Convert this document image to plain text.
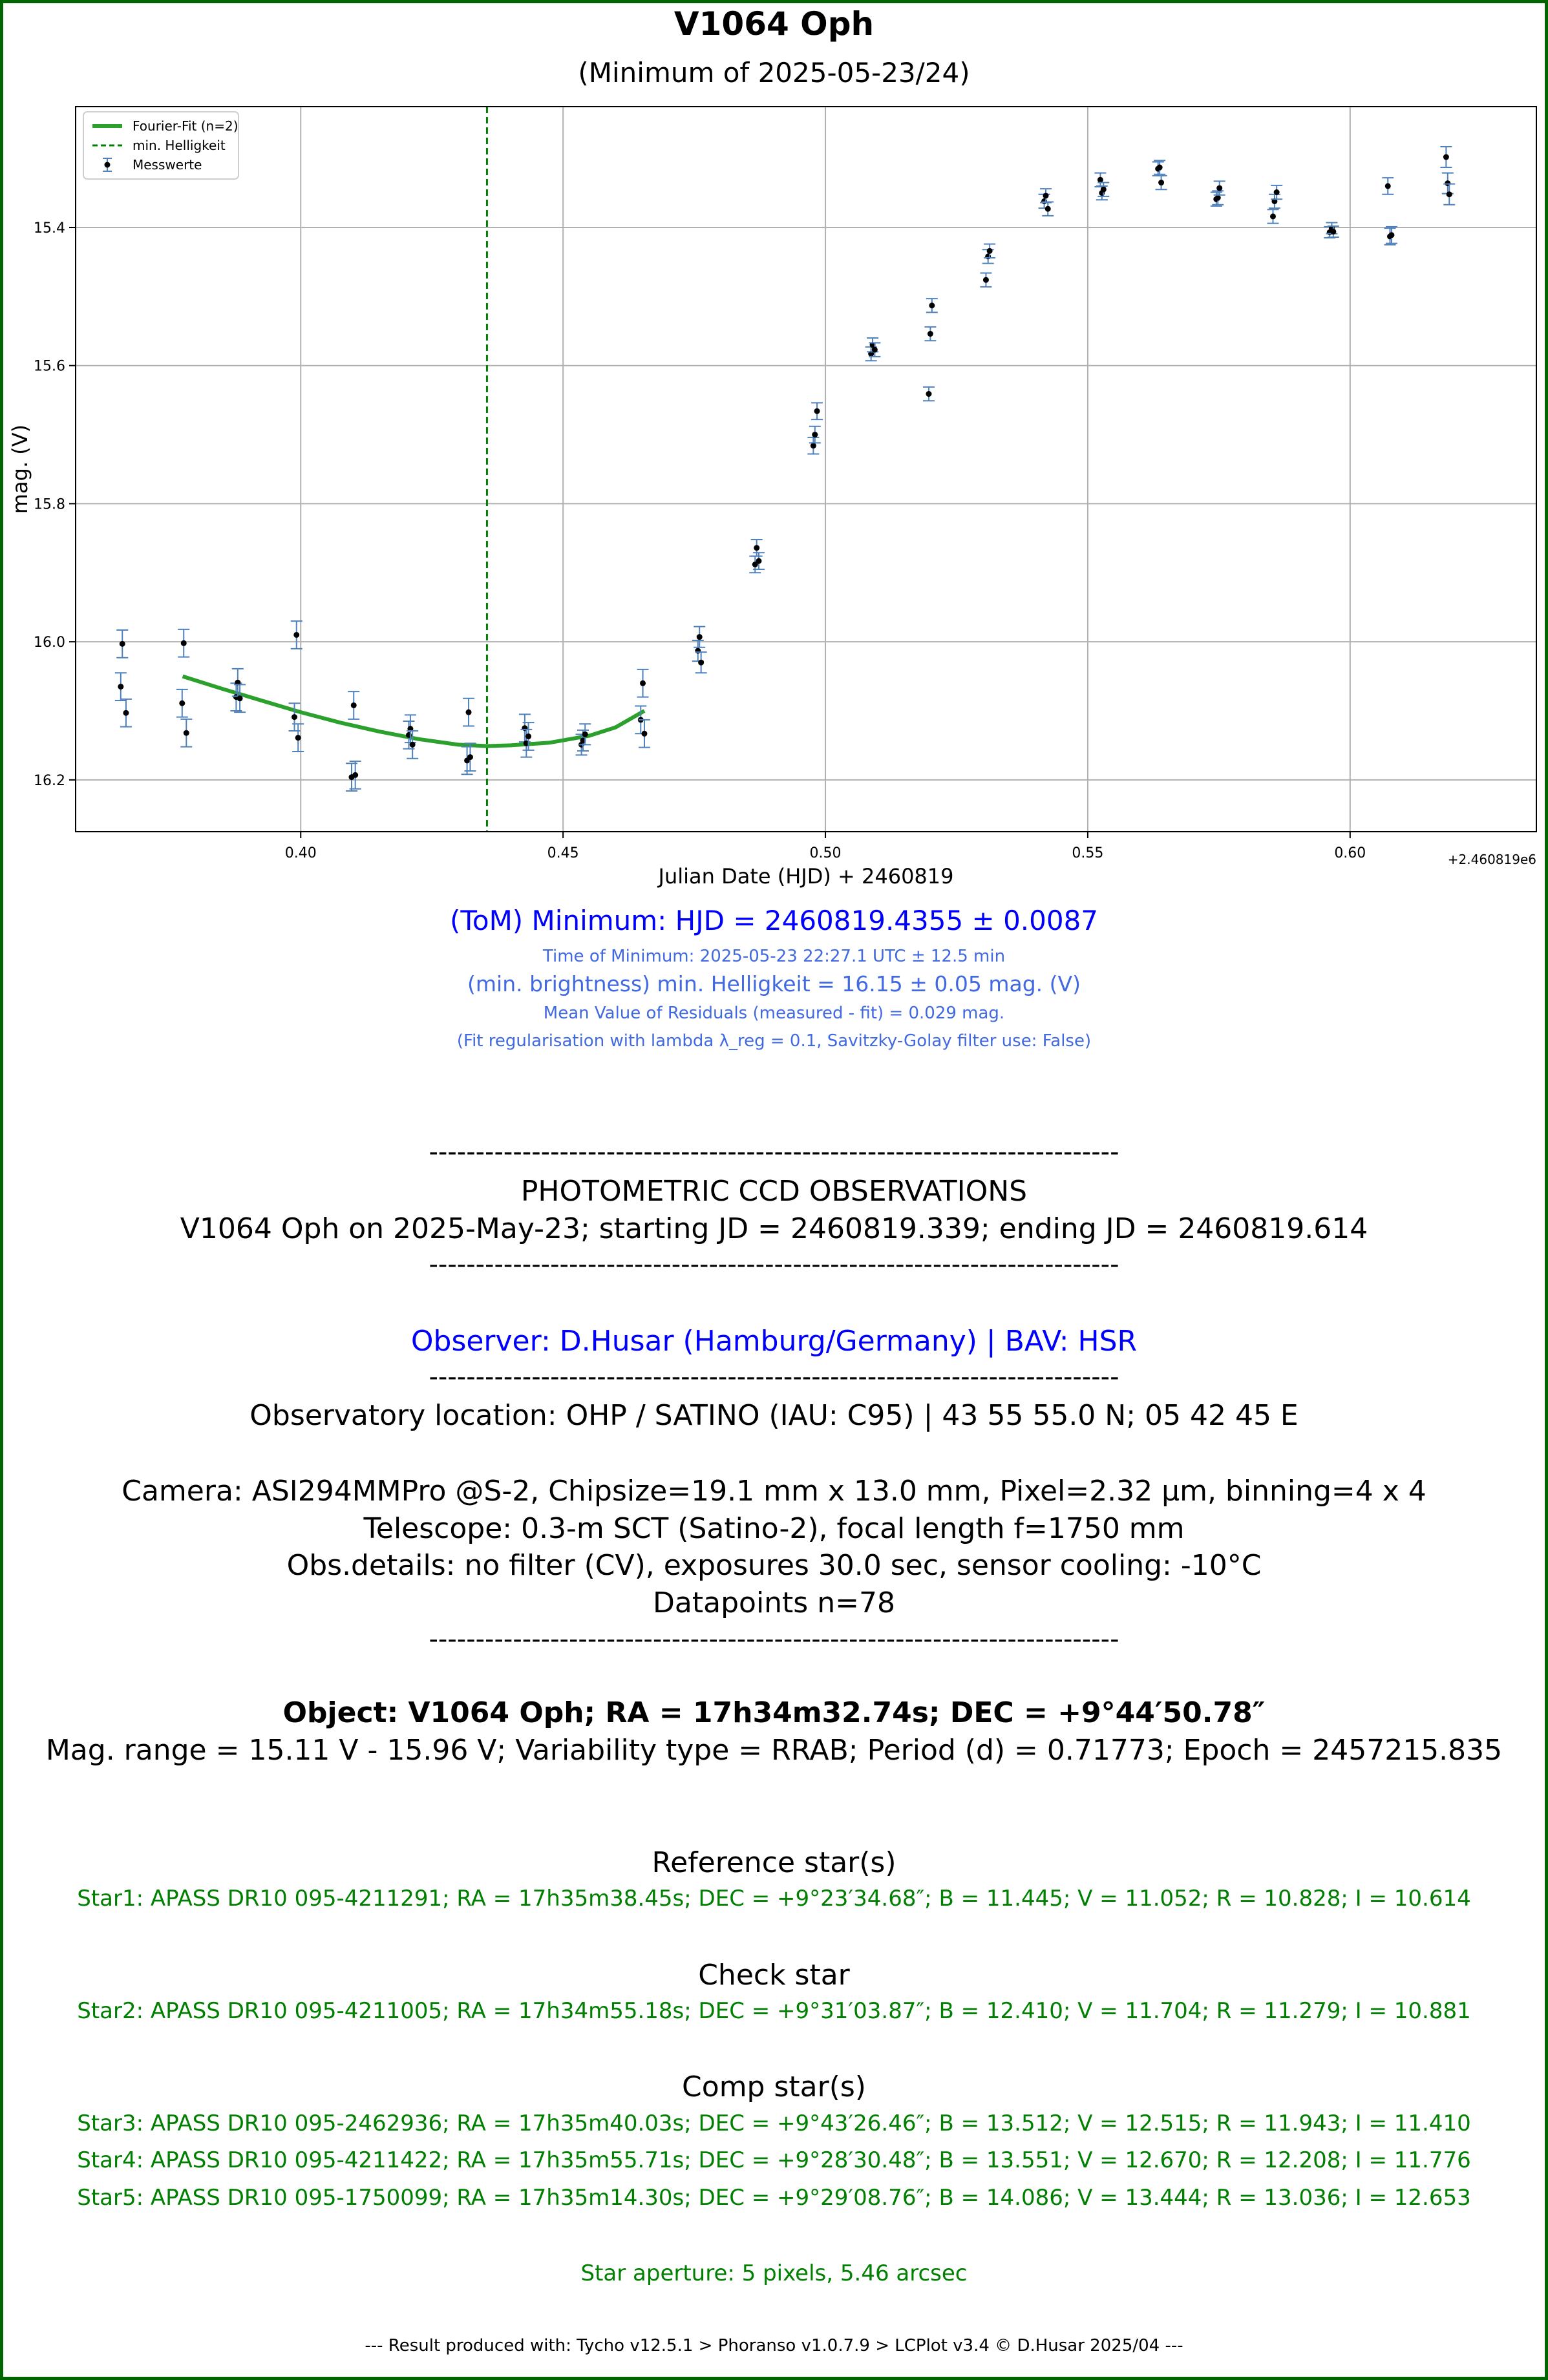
V1064 Oph
(Minimum of 2025-05-23/24)
0.40	0.45	0.50	0.55	0.60
15.4
15.6
15.8
16.0
16.2
Julian Date (HJD) + 2460819
mag. (V)
+2.460819e6
Fourier-Fit (n=2)
min. Helligkeit
Messwerte
(ToM) Minimum: HJD = 2460819.4355 ± 0.0087
Time of Minimum: 2025-05-23 22:27.1 UTC ± 12.5 min
(min. brightness) min. Helligkeit = 16.15 ± 0.05 mag. (V)
Mean Value of Residuals (measured - fit) = 0.029 mag.
(Fit regularisation with lambda λ_reg = 0.1, Savitzky-Golay filter use: False)
--------------------------------------------------------------------------
PHOTOMETRIC CCD OBSERVATIONS
V1064 Oph on 2025-May-23; starting JD = 2460819.339; ending JD = 2460819.614
--------------------------------------------------------------------------
Observer: D.Husar (Hamburg/Germany) | BAV: HSR
--------------------------------------------------------------------------
Observatory location: OHP / SATINO (IAU: C95) | 43 55 55.0 N; 05 42 45 E
Camera: ASI294MMPro @S-2, Chipsize=19.1 mm x 13.0 mm, Pixel=2.32 µm, binning=4 x 4
Telescope: 0.3-m SCT (Satino-2), focal length f=1750 mm
Obs.details: no filter (CV), exposures 30.0 sec, sensor cooling: -10°C
Datapoints n=78
--------------------------------------------------------------------------
Object: V1064 Oph; RA = 17h34m32.74s; DEC = +9°44′50.78″
Mag. range = 15.11 V - 15.96 V; Variability type = RRAB; Period (d) = 0.71773; Epoch = 2457215.835
Reference star(s)
Star1: APASS DR10 095-4211291; RA = 17h35m38.45s; DEC = +9°23′34.68″; B = 11.445; V = 11.052; R = 10.828; I = 10.614
Check star
Star2: APASS DR10 095-4211005; RA = 17h34m55.18s; DEC = +9°31′03.87″; B = 12.410; V = 11.704; R = 11.279; I = 10.881
Comp star(s)
Star3: APASS DR10 095-2462936; RA = 17h35m40.03s; DEC = +9°43′26.46″; B = 13.512; V = 12.515; R = 11.943; I = 11.410
Star4: APASS DR10 095-4211422; RA = 17h35m55.71s; DEC = +9°28′30.48″; B = 13.551; V = 12.670; R = 12.208; I = 11.776
Star5: APASS DR10 095-1750099; RA = 17h35m14.30s; DEC = +9°29′08.76″; B = 14.086; V = 13.444; R = 13.036; I = 12.653
Star aperture: 5 pixels, 5.46 arcsec
--- Result produced with: Tycho v12.5.1 > Phoranso v1.0.7.9 > LCPlot v3.4 © D.Husar 2025/04 ---
